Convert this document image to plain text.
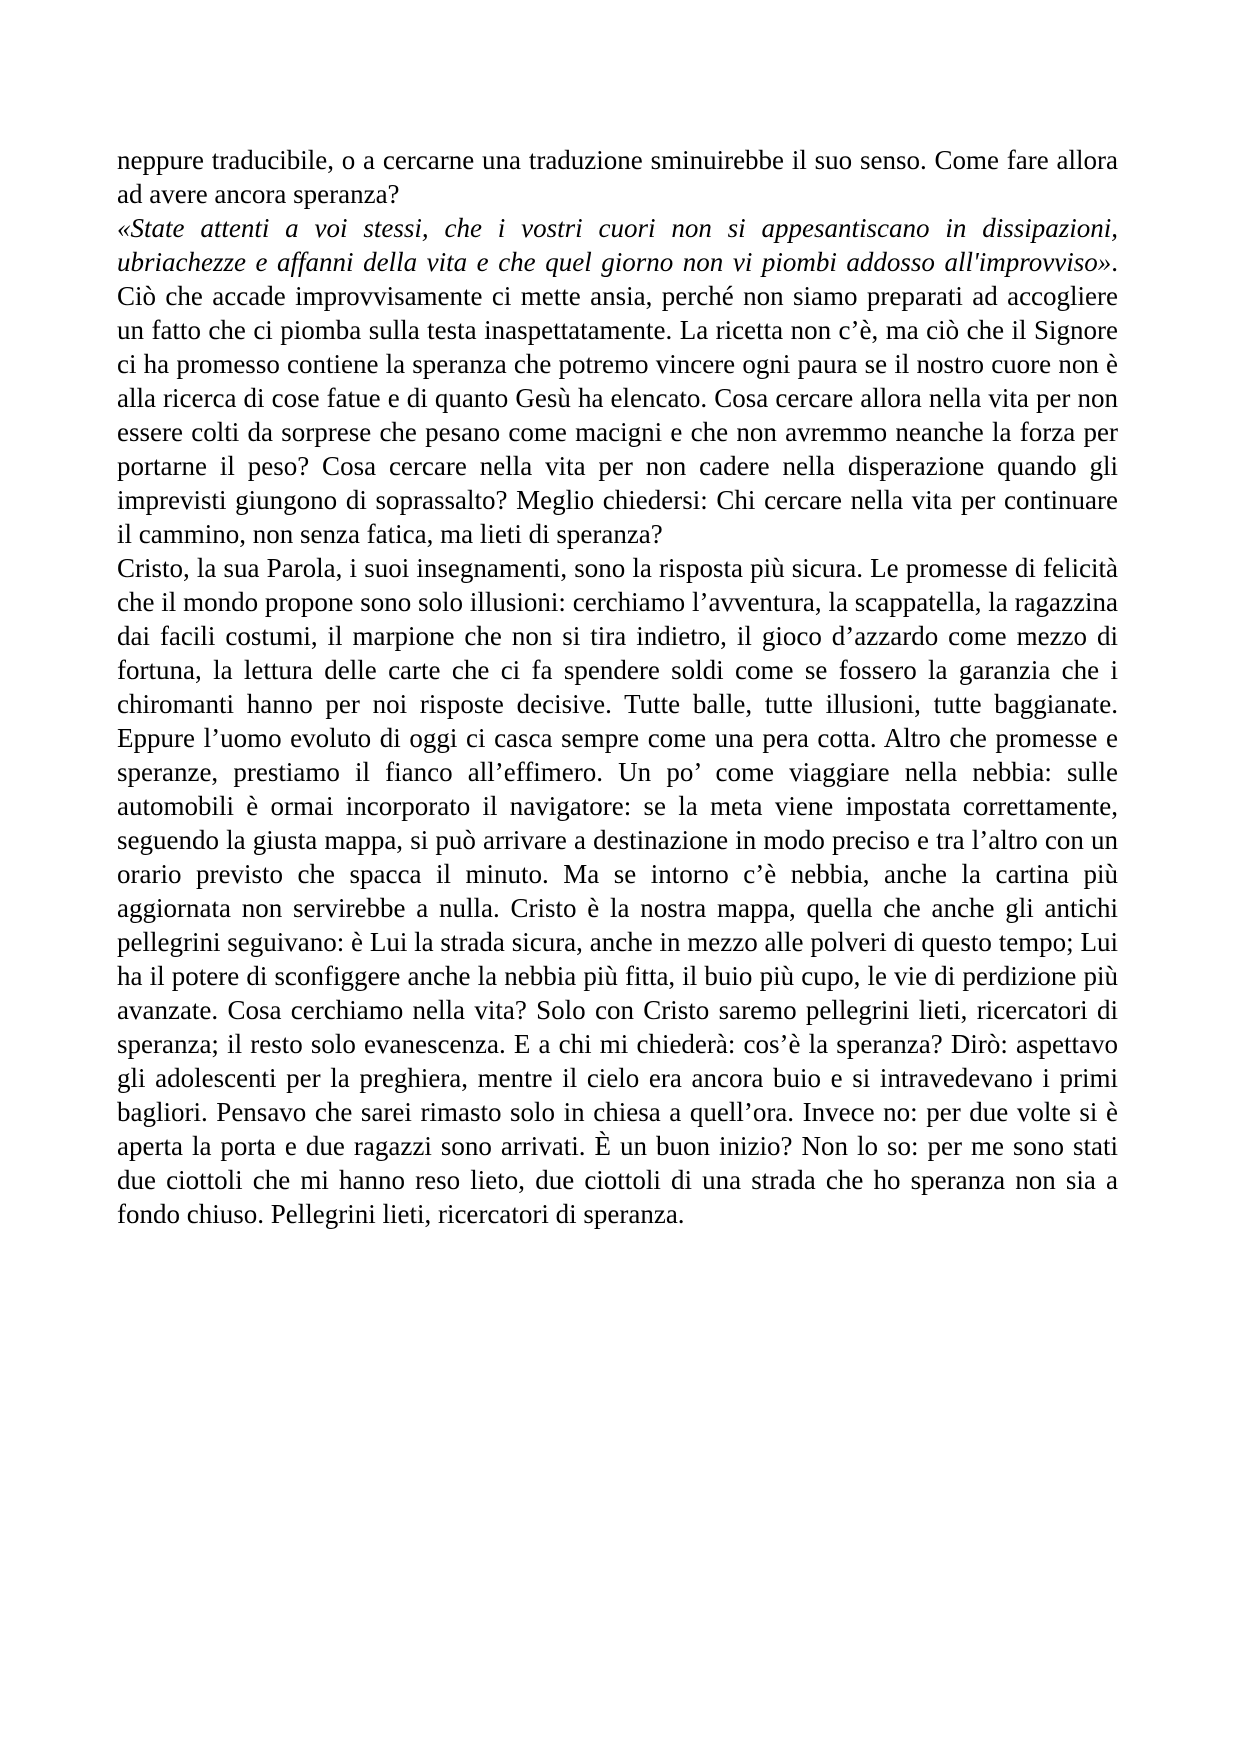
neppure traducibile, o a cercarne una traduzione sminuirebbe il suo senso. Come fare allora ad avere ancora speranza?

«State attenti a voi stessi, che i vostri cuori non si appesantiscano in dissipazioni, ubriachezze e affanni della vita e che quel giorno non vi piombi addosso all'improvviso». Ciò che accade improvvisamente ci mette ansia, perché non siamo preparati ad accogliere un fatto che ci piomba sulla testa inaspettatamente. La ricetta non c’è, ma ciò che il Signore ci ha promesso contiene la speranza che potremo vincere ogni paura se il nostro cuore non è alla ricerca di cose fatue e di quanto Gesù ha elencato. Cosa cercare allora nella vita per non essere colti da sorprese che pesano come macigni e che non avremmo neanche la forza per portarne il peso? Cosa cercare nella vita per non cadere nella disperazione quando gli imprevisti giungono di soprassalto? Meglio chiedersi: Chi cercare nella vita per continuare il cammino, non senza fatica, ma lieti di speranza?

Cristo, la sua Parola, i suoi insegnamenti, sono la risposta più sicura. Le promesse di felicità che il mondo propone sono solo illusioni: cerchiamo l’avventura, la scappatella, la ragazzina dai facili costumi, il marpione che non si tira indietro, il gioco d’azzardo come mezzo di fortuna, la lettura delle carte che ci fa spendere soldi come se fossero la garanzia che i chiromanti hanno per noi risposte decisive. Tutte balle, tutte illusioni, tutte baggianate. Eppure l’uomo evoluto di oggi ci casca sempre come una pera cotta. Altro che promesse e speranze, prestiamo il fianco all’effimero. Un po’ come viaggiare nella nebbia: sulle automobili è ormai incorporato il navigatore: se la meta viene impostata correttamente, seguendo la giusta mappa, si può arrivare a destinazione in modo preciso e tra l’altro con un orario previsto che spacca il minuto. Ma se intorno c’è nebbia, anche la cartina più aggiornata non servirebbe a nulla. Cristo è la nostra mappa, quella che anche gli antichi pellegrini seguivano: è Lui la strada sicura, anche in mezzo alle polveri di questo tempo; Lui ha il potere di sconfiggere anche la nebbia più fitta, il buio più cupo, le vie di perdizione più avanzate. Cosa cerchiamo nella vita? Solo con Cristo saremo pellegrini lieti, ricercatori di speranza; il resto solo evanescenza. E a chi mi chiederà: cos’è la speranza? Dirò: aspettavo gli adolescenti per la preghiera, mentre il cielo era ancora buio e si intravedevano i primi bagliori. Pensavo che sarei rimasto solo in chiesa a quell’ora. Invece no: per due volte si è aperta la porta e due ragazzi sono arrivati. È un buon inizio? Non lo so: per me sono stati due ciottoli che mi hanno reso lieto, due ciottoli di una strada che ho speranza non sia a fondo chiuso. Pellegrini lieti, ricercatori di speranza.
